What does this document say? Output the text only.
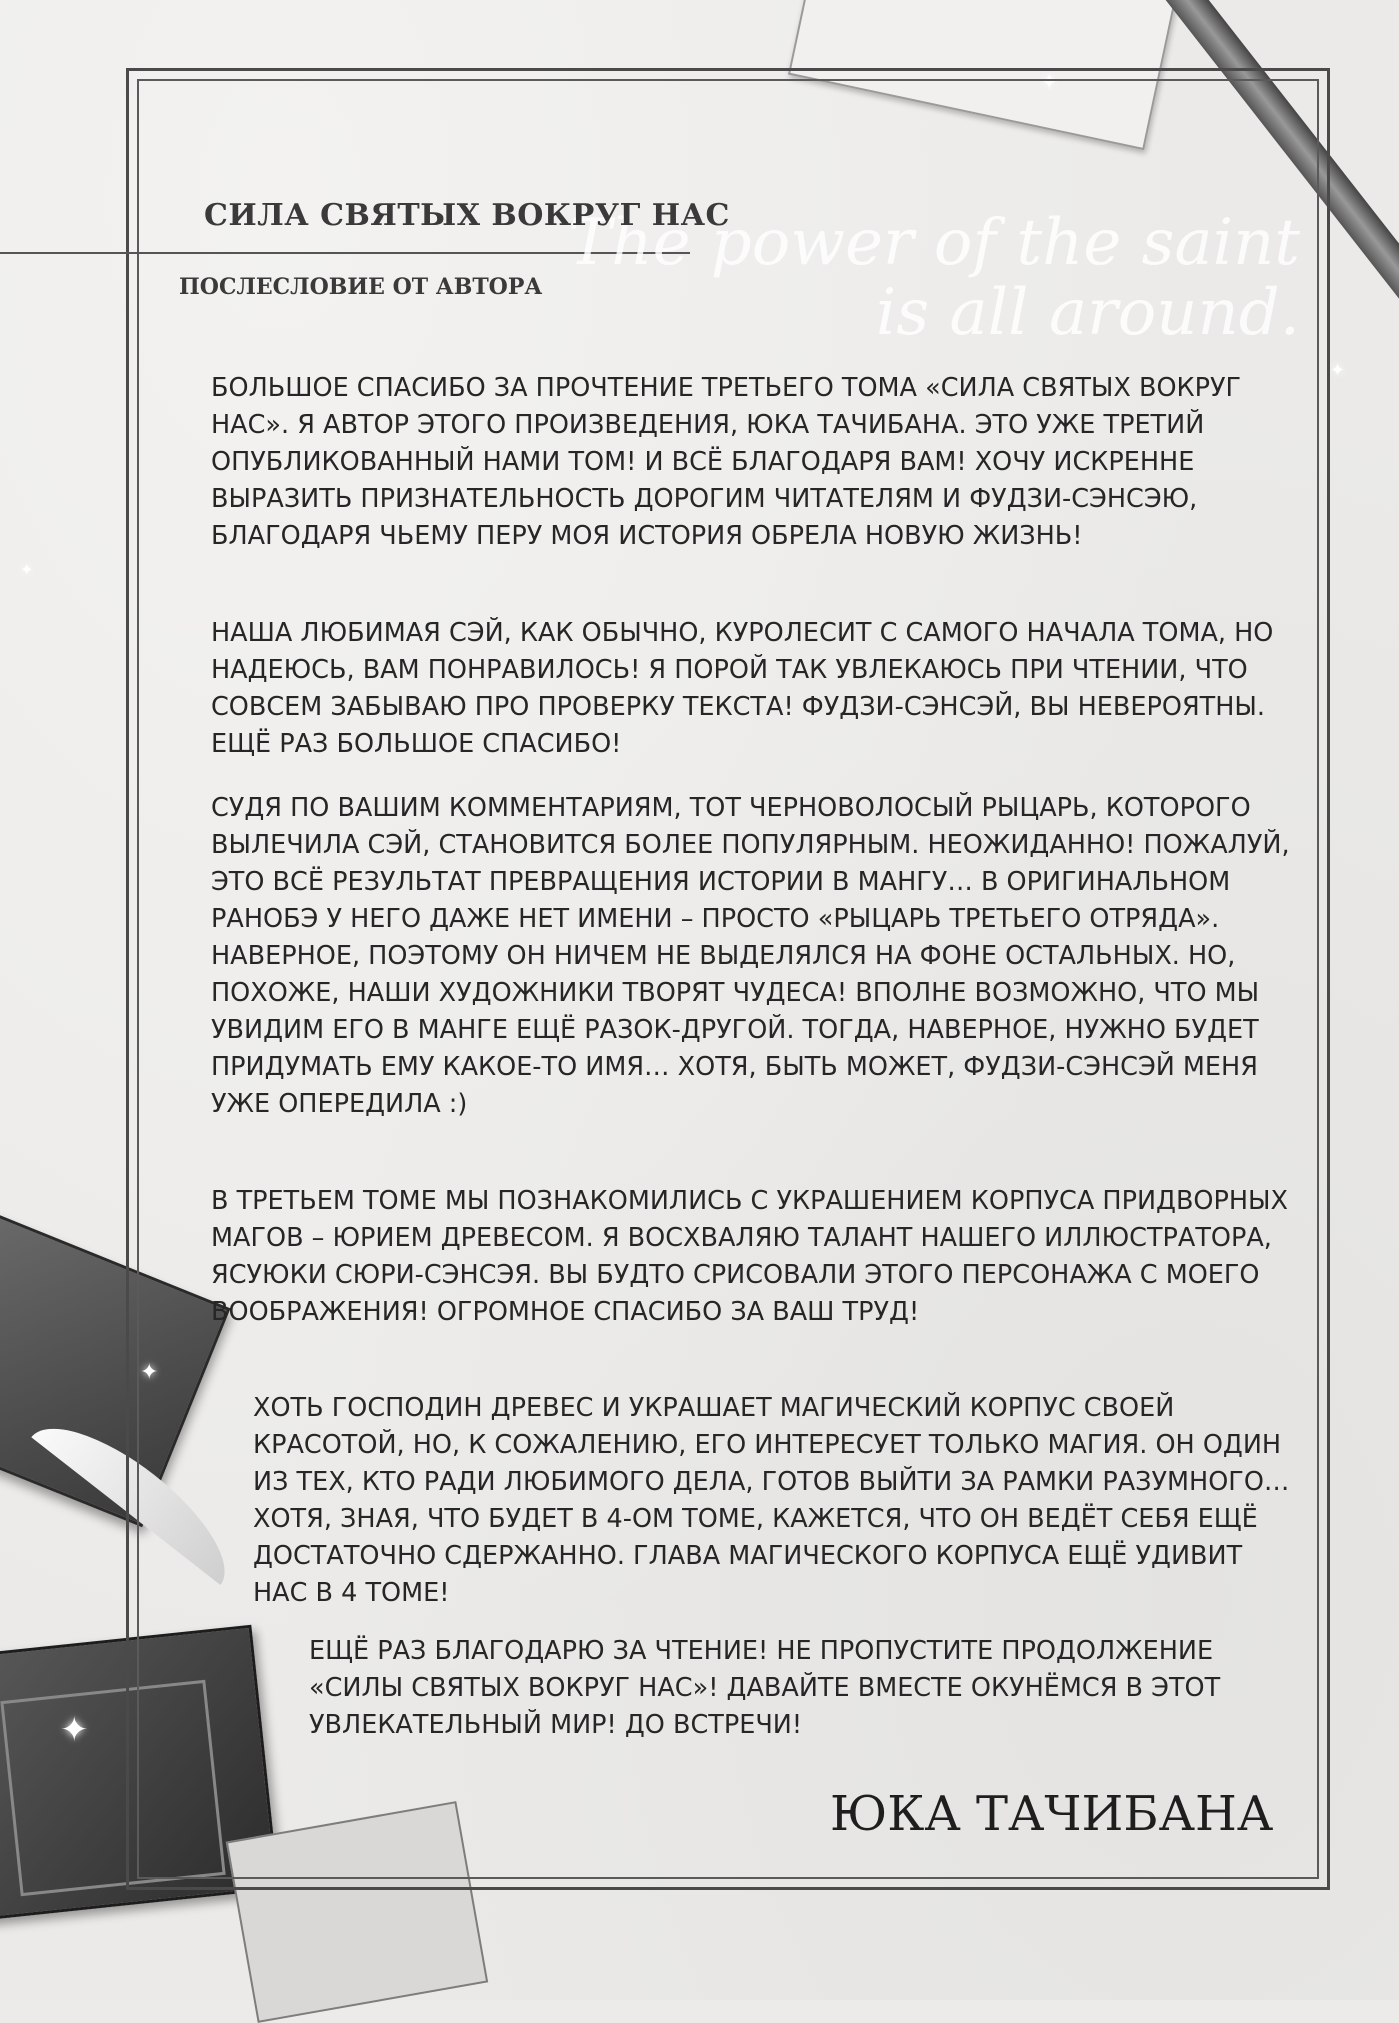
✦
✦
✦
✦
✦
The power of the saint
is all around.
СИЛА СВЯТЫХ ВОКРУГ НАС
ПОСЛЕСЛОВИЕ ОТ АВТОРА

БОЛЬШОЕ СПАСИБО ЗА ПРОЧТЕНИЕ ТРЕТЬЕГО ТОМА «СИЛА СВЯТЫХ ВОКРУГ НАС». Я АВТОР ЭТОГО ПРОИЗВЕДЕНИЯ, ЮКА ТАЧИБАНА. ЭТО УЖЕ ТРЕТИЙ ОПУБЛИКОВАННЫЙ НАМИ ТОМ! И ВСЁ БЛАГОДАРЯ ВАМ! ХОЧУ ИСКРЕННЕ ВЫРАЗИТЬ ПРИЗНАТЕЛЬНОСТЬ ДОРОГИМ ЧИТАТЕЛЯМ И ФУДЗИ-СЭНСЭЮ, БЛАГОДАРЯ ЧЬЕМУ ПЕРУ МОЯ ИСТОРИЯ ОБРЕЛА НОВУЮ ЖИЗНЬ!

НАША ЛЮБИМАЯ СЭЙ, КАК ОБЫЧНО, КУРОЛЕСИТ С САМОГО НАЧАЛА ТОМА, НО НАДЕЮСЬ, ВАМ ПОНРАВИЛОСЬ! Я ПОРОЙ ТАК УВЛЕКАЮСЬ ПРИ ЧТЕНИИ, ЧТО СОВСЕМ ЗАБЫВАЮ ПРО ПРОВЕРКУ ТЕКСТА! ФУДЗИ-СЭНСЭЙ, ВЫ НЕВЕРОЯТНЫ. ЕЩЁ РАЗ БОЛЬШОЕ СПАСИБО!

СУДЯ ПО ВАШИМ КОММЕНТАРИЯМ, ТОТ ЧЕРНОВОЛОСЫЙ РЫЦАРЬ, КОТОРОГО ВЫЛЕЧИЛА СЭЙ, СТАНОВИТСЯ БОЛЕЕ ПОПУЛЯРНЫМ. НЕОЖИДАННО! ПОЖАЛУЙ, ЭТО ВСЁ РЕЗУЛЬТАТ ПРЕВРАЩЕНИЯ ИСТОРИИ В МАНГУ… В ОРИГИНАЛЬНОМ РАНОБЭ У НЕГО ДАЖЕ НЕТ ИМЕНИ – ПРОСТО «РЫЦАРЬ ТРЕТЬЕГО ОТРЯДА». НАВЕРНОЕ, ПОЭТОМУ ОН НИЧЕМ НЕ ВЫДЕЛЯЛСЯ НА ФОНЕ ОСТАЛЬНЫХ. НО, ПОХОЖЕ, НАШИ ХУДОЖНИКИ ТВОРЯТ ЧУДЕСА! ВПОЛНЕ ВОЗМОЖНО, ЧТО МЫ УВИДИМ ЕГО В МАНГЕ ЕЩЁ РАЗОК-ДРУГОЙ. ТОГДА, НАВЕРНОЕ, НУЖНО БУДЕТ ПРИДУМАТЬ ЕМУ КАКОЕ-ТО ИМЯ… ХОТЯ, БЫТЬ МОЖЕТ, ФУДЗИ-СЭНСЭЙ МЕНЯ УЖЕ ОПЕРЕДИЛА :)

В ТРЕТЬЕМ ТОМЕ МЫ ПОЗНАКОМИЛИСЬ С УКРАШЕНИЕМ КОРПУСА ПРИДВОРНЫХ МАГОВ – ЮРИЕМ ДРЕВЕСОМ. Я ВОСХВАЛЯЮ ТАЛАНТ НАШЕГО ИЛЛЮСТРАТОРА, ЯСУЮКИ СЮРИ-СЭНСЭЯ. ВЫ БУДТО СРИСОВАЛИ ЭТОГО ПЕРСОНАЖА С МОЕГО ВООБРАЖЕНИЯ! ОГРОМНОЕ СПАСИБО ЗА ВАШ ТРУД!

ХОТЬ ГОСПОДИН ДРЕВЕС И УКРАШАЕТ МАГИЧЕСКИЙ КОРПУС СВОЕЙ КРАСОТОЙ, НО, К СОЖАЛЕНИЮ, ЕГО ИНТЕРЕСУЕТ ТОЛЬКО МАГИЯ. ОН ОДИН ИЗ ТЕХ, КТО РАДИ ЛЮБИМОГО ДЕЛА, ГОТОВ ВЫЙТИ ЗА РАМКИ РАЗУМНОГО… ХОТЯ, ЗНАЯ, ЧТО БУДЕТ В 4-ОМ ТОМЕ, КАЖЕТСЯ, ЧТО ОН ВЕДЁТ СЕБЯ ЕЩЁ ДОСТАТОЧНО СДЕРЖАННО. ГЛАВА МАГИЧЕСКОГО КОРПУСА ЕЩЁ УДИВИТ НАС В 4 ТОМЕ!

ЕЩЁ РАЗ БЛАГОДАРЮ ЗА ЧТЕНИЕ! НЕ ПРОПУСТИТЕ ПРОДОЛЖЕНИЕ «СИЛЫ СВЯТЫХ ВОКРУГ НАС»! ДАВАЙТЕ ВМЕСТЕ ОКУНЁМСЯ В ЭТОТ УВЛЕКАТЕЛЬНЫЙ МИР! ДО ВСТРЕЧИ!

ЮКА ТАЧИБАНА
